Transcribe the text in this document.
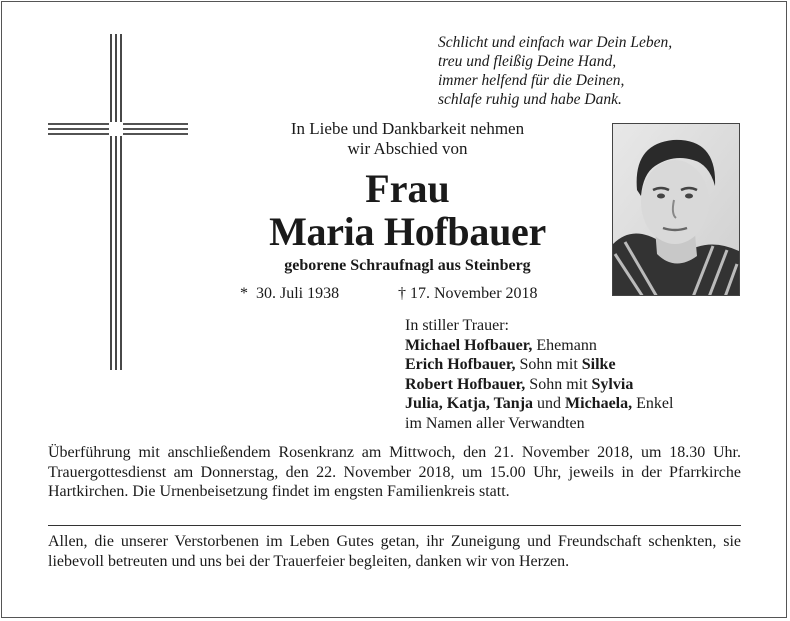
Schlicht und einfach war Dein Leben,
treu und fleißig Deine Hand,
immer helfend für die Deinen,
schlafe ruhig und habe Dank.
In Liebe und Dankbarkeit nehmen
wir Abschied von
Frau
Maria Hofbauer
geborene Schraufnagl aus Steinberg
*  30. Juli 1938	† 17. November 2018
In stiller Trauer:
Michael Hofbauer, Ehemann
Erich Hofbauer, Sohn mit Silke
Robert Hofbauer, Sohn mit Sylvia
Julia, Katja, Tanja und Michaela, Enkel
im Namen aller Verwandten
Überführung mit anschließendem Rosenkranz am Mittwoch, den 21. November 2018, um 18.30 Uhr. Trauergottesdienst am Donnerstag, den 22. November 2018, um 15.00 Uhr, jeweils in der Pfarrkirche Hartkirchen. Die Urnenbeisetzung findet im engsten Familienkreis statt.
Allen, die unserer Verstorbenen im Leben Gutes getan, ihr Zuneigung und Freundschaft schenkten, sie liebevoll betreuten und uns bei der Trauerfeier begleiten, danken wir von Herzen.
